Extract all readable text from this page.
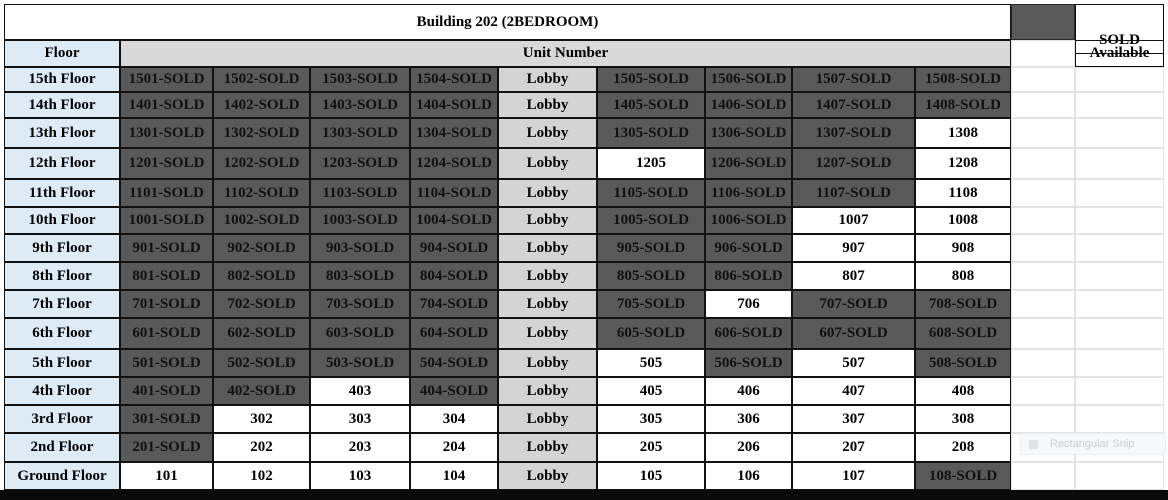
Building 202 (2BEDROOM)
SOLD
Floor	Unit Number	Available
15th Floor	1501-SOLD	1502-SOLD	1503-SOLD	1504-SOLD	Lobby	1505-SOLD	1506-SOLD	1507-SOLD	1508-SOLD
14th Floor	1401-SOLD	1402-SOLD	1403-SOLD	1404-SOLD	Lobby	1405-SOLD	1406-SOLD	1407-SOLD	1408-SOLD
13th Floor	1301-SOLD	1302-SOLD	1303-SOLD	1304-SOLD	Lobby	1305-SOLD	1306-SOLD	1307-SOLD	1308
12th Floor	1201-SOLD	1202-SOLD	1203-SOLD	1204-SOLD	Lobby	1205	1206-SOLD	1207-SOLD	1208
11th Floor	1101-SOLD	1102-SOLD	1103-SOLD	1104-SOLD	Lobby	1105-SOLD	1106-SOLD	1107-SOLD	1108
10th Floor	1001-SOLD	1002-SOLD	1003-SOLD	1004-SOLD	Lobby	1005-SOLD	1006-SOLD	1007	1008
9th Floor	901-SOLD	902-SOLD	903-SOLD	904-SOLD	Lobby	905-SOLD	906-SOLD	907	908
8th Floor	801-SOLD	802-SOLD	803-SOLD	804-SOLD	Lobby	805-SOLD	806-SOLD	807	808
7th Floor	701-SOLD	702-SOLD	703-SOLD	704-SOLD	Lobby	705-SOLD	706	707-SOLD	708-SOLD
6th Floor	601-SOLD	602-SOLD	603-SOLD	604-SOLD	Lobby	605-SOLD	606-SOLD	607-SOLD	608-SOLD
5th Floor	501-SOLD	502-SOLD	503-SOLD	504-SOLD	Lobby	505	506-SOLD	507	508-SOLD
4th Floor	401-SOLD	402-SOLD	403	404-SOLD	Lobby	405	406	407	408
3rd Floor	301-SOLD	302	303	304	Lobby	305	306	307	308
2nd Floor	201-SOLD	202	203	204	Lobby	205	206	207	208
Ground Floor	101	102	103	104	Lobby	105	106	107	108-SOLD
Rectangular Snip
